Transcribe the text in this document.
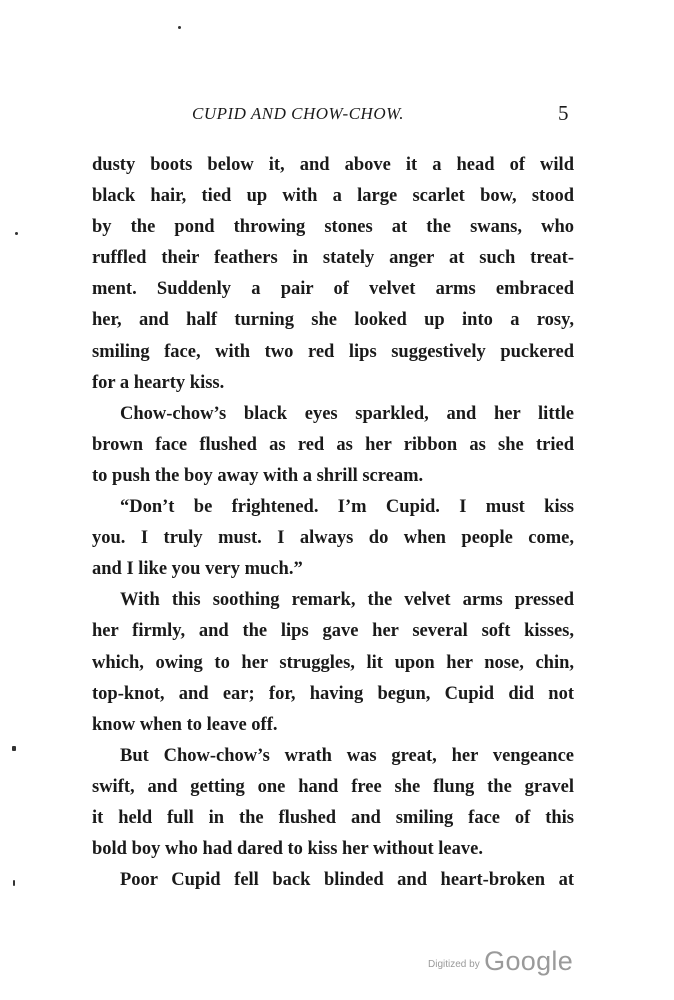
CUPID AND CHOW-CHOW.	5
dusty boots below it, and above it a head of wild
black hair, tied up with a large scarlet bow, stood
by the pond throwing stones at the swans, who
ruffled their feathers in stately anger at such treat-
ment. Suddenly a pair of velvet arms embraced
her, and half turning she looked up into a rosy,
smiling face, with two red lips suggestively puckered
for a hearty kiss.
Chow-chow’s black eyes sparkled, and her little
brown face flushed as red as her ribbon as she tried
to push the boy away with a shrill scream.
“Don’t be frightened. I’m Cupid. I must kiss
you. I truly must. I always do when people come,
and I like you very much.”
With this soothing remark, the velvet arms pressed
her firmly, and the lips gave her several soft kisses,
which, owing to her struggles, lit upon her nose, chin,
top-knot, and ear; for, having begun, Cupid did not
know when to leave off.
But Chow-chow’s wrath was great, her vengeance
swift, and getting one hand free she flung the gravel
it held full in the flushed and smiling face of this
bold boy who had dared to kiss her without leave.
Poor Cupid fell back blinded and heart-broken at
Digitized by Google
